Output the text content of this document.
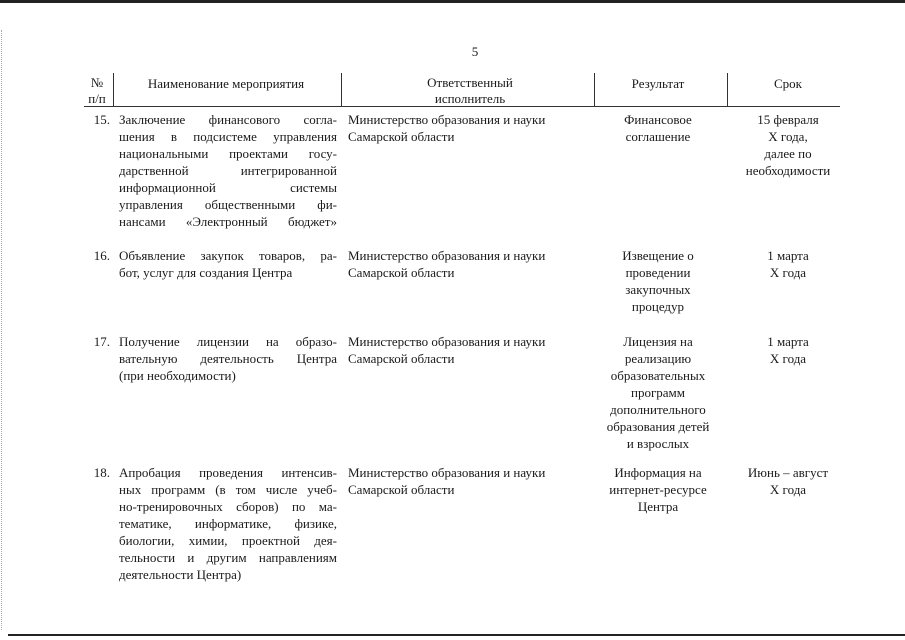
5
№
п/п
Наименование мероприятия	Ответственный
исполнитель
Результат	Срок
15. Заключение финансового согла-
шения в подсистеме управления
национальными проектами госу-
дарственной интегрированной
информационной системы
управления общественными фи-
нансами «Электронный бюджет»
Министерство образования и науки
Самарской области
Финансовое
соглашение
15 февраля
X года,
далее по
необходимости
16. Объявление закупок товаров, ра-
бот, услуг для создания Центра
Министерство образования и науки
Самарской области
Извещение о
проведении
закупочных
процедур
1 марта
X года
17. Получение лицензии на образо-
вательную деятельность Центра
(при необходимости)
Министерство образования и науки
Самарской области
Лицензия на
реализацию
образовательных
программ
дополнительного
образования детей
и взрослых
1 марта
X года
18. Апробация проведения интенсив-
ных программ (в том числе учеб-
но-тренировочных сборов) по ма-
тематике, информатике, физике,
биологии, химии, проектной дея-
тельности и другим направлениям
деятельности Центра)
Министерство образования и науки
Самарской области
Информация на
интернет-ресурсе
Центра
Июнь – август
X года
